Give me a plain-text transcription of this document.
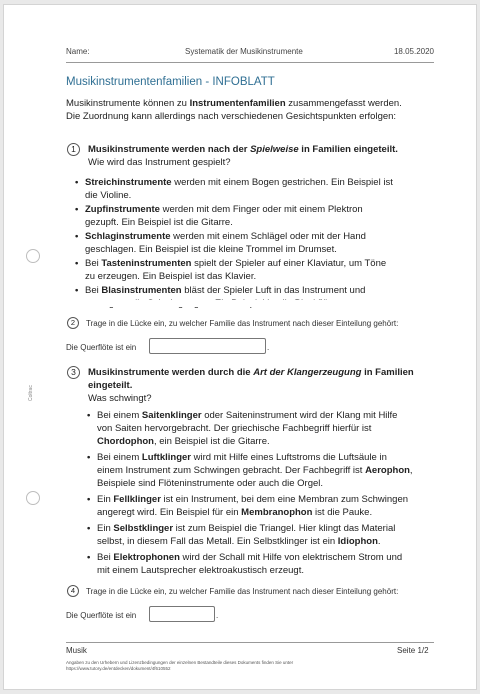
Coltrac
Name:	Systematik der Musikinstrumente	18.05.2020
Musikinstrumentenfamilien - INFOBLATT
Musikinstrumente können zu Instrumentenfamilien zusammengefasst werden.
Die Zuordnung kann allerdings nach verschiedenen Gesichtspunkten erfolgen:
1	Musikinstrumente werden nach der Spielweise in Familien eingeteilt.
Wie wird das Instrument gespielt?
• Streichinstrumente werden mit einem Bogen gestrichen. Ein Beispiel ist
die Violine.
• Zupfinstrumente werden mit dem Finger oder mit einem Plektron
gezupft. Ein Beispiel ist die Gitarre.
• Schlaginstrumente werden mit einem Schlägel oder mit der Hand
geschlagen. Ein Beispiel ist die kleine Trommel im Drumset.
• Bei Tasteninstrumenten spielt der Spieler auf einer Klaviatur, um Töne
zu erzeugen. Ein Beispiel ist das Klavier.
• Bei Blasinstrumenten bläst der Spieler Luft in das Instrument und
2	Trage in die Lücke ein, zu welcher Familie das Instrument nach dieser Einteilung gehört:
Die Querflöte ist ein	.
3	Musikinstrumente werden durch die Art der Klangerzeugung in Familien
eingeteilt.
Was schwingt?
• Bei einem Saitenklinger oder Saiteninstrument wird der Klang mit Hilfe
von Saiten hervorgebracht. Der griechische Fachbegriff hierfür ist
Chordophon, ein Beispiel ist die Gitarre.
• Bei einem Luftklinger wird mit Hilfe eines Luftstroms die Luftsäule in
einem Instrument zum Schwingen gebracht. Der Fachbegriff ist Aerophon,
Beispiele sind Flöteninstrumente oder auch die Orgel.
• Ein Fellklinger ist ein Instrument, bei dem eine Membran zum Schwingen
angeregt wird. Ein Beispiel für ein Membranophon ist die Pauke.
• Ein Selbstklinger ist zum Beispiel die Triangel. Hier klingt das Material
selbst, in diesem Fall das Metall. Ein Selbstklinger ist ein Idiophon.
• Bei Elektrophonen wird der Schall mit Hilfe von elektrischem Strom und
mit einem Lautsprecher elektroakustisch erzeugt.
4	Trage in die Lücke ein, zu welcher Familie das Instrument nach dieser Einteilung gehört:
Die Querflöte ist ein	.
Musik	Seite 1/2
Angaben zu den Urhebern und Lizenzbedingungen der einzelnen Bestandteile dieses Dokuments finden Sie unter
https://www.tutory.de/entdecken/dokument/4f610552
